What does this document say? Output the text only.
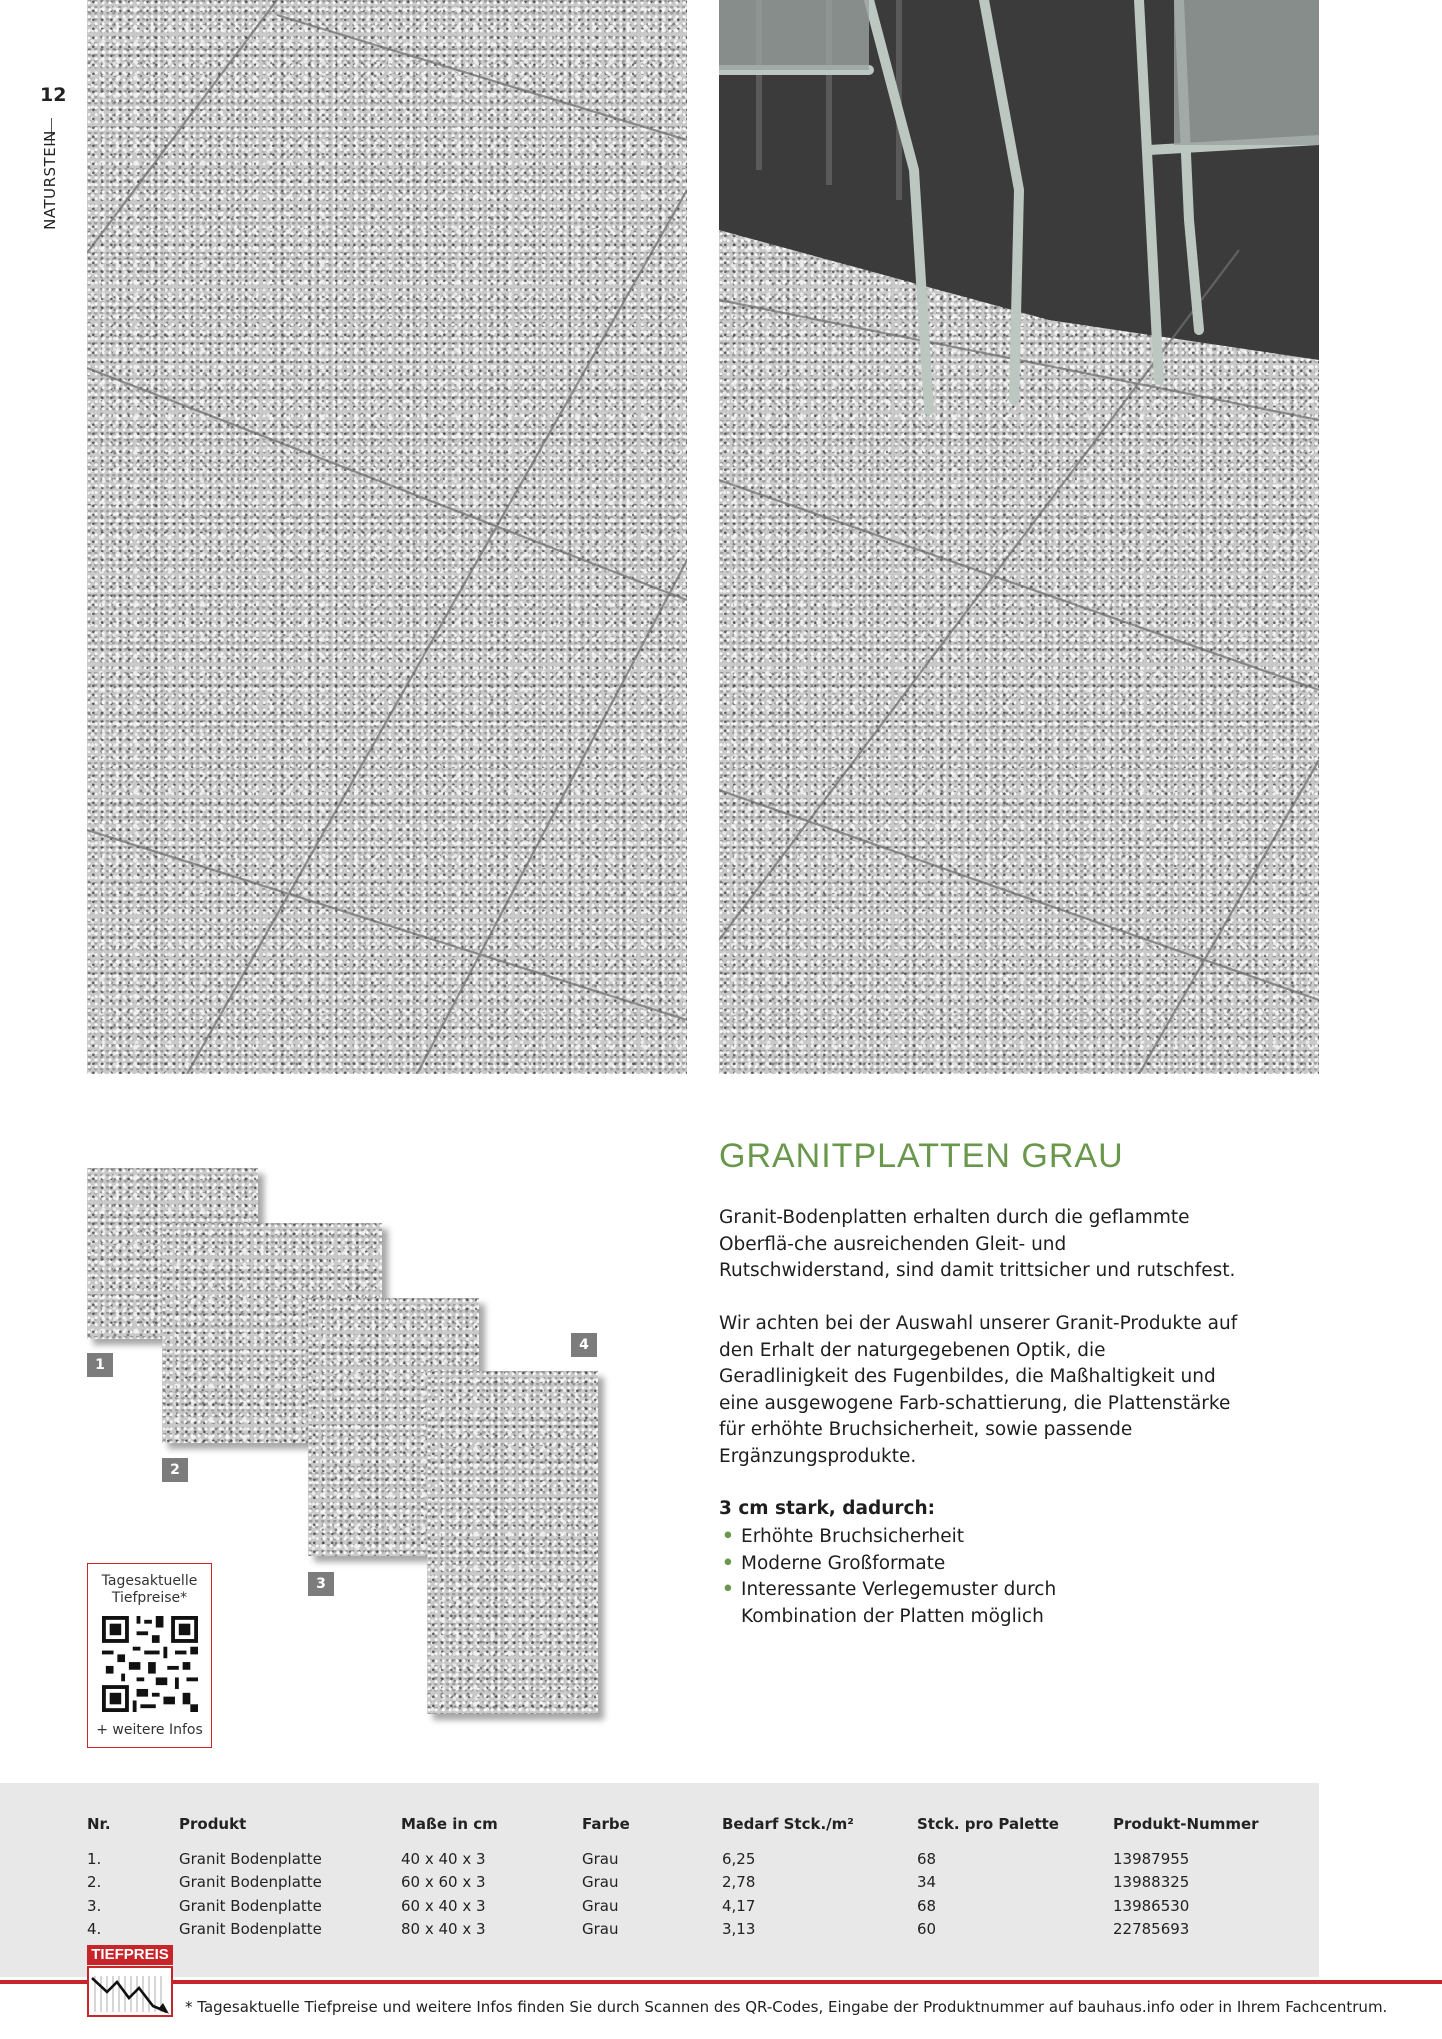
12
NATURSTEIN
1
2
3
4
Tagesaktuelle Tiefpreise*
+ weitere Infos
GRANITPLATTEN GRAU
Granit-Bodenplatten erhalten durch die geflammte Oberflä-che ausreichenden Gleit- und Rutschwiderstand, sind damit trittsicher und rutschfest.
Wir achten bei der Auswahl unserer Granit-Produkte auf den Erhalt der naturgegebenen Optik, die Geradlinigkeit des Fugenbildes, die Maßhaltigkeit und eine ausgewogene Farb-schattierung, die Plattenstärke für erhöhte Bruchsicherheit, sowie passende Ergänzungsprodukte.
3 cm stark, dadurch:
• Erhöhte Bruchsicherheit
• Moderne Großformate
• Interessante Verlegemuster durch Kombination der Platten möglich
Nr.	Produkt	Maße in cm	Farbe	Bedarf Stck./m²	Stck. pro Palette	Produkt-Nummer
1.	Granit Bodenplatte	40 x 40 x 3	Grau	6,25	68	13987955
2.	Granit Bodenplatte	60 x 60 x 3	Grau	2,78	34	13988325
3.	Granit Bodenplatte	60 x 40 x 3	Grau	4,17	68	13986530
4.	Granit Bodenplatte	80 x 40 x 3	Grau	3,13	60	22785693
TIEFPREIS
* Tagesaktuelle Tiefpreise und weitere Infos finden Sie durch Scannen des QR-Codes, Eingabe der Produktnummer auf bauhaus.info oder in Ihrem Fachcentrum.
